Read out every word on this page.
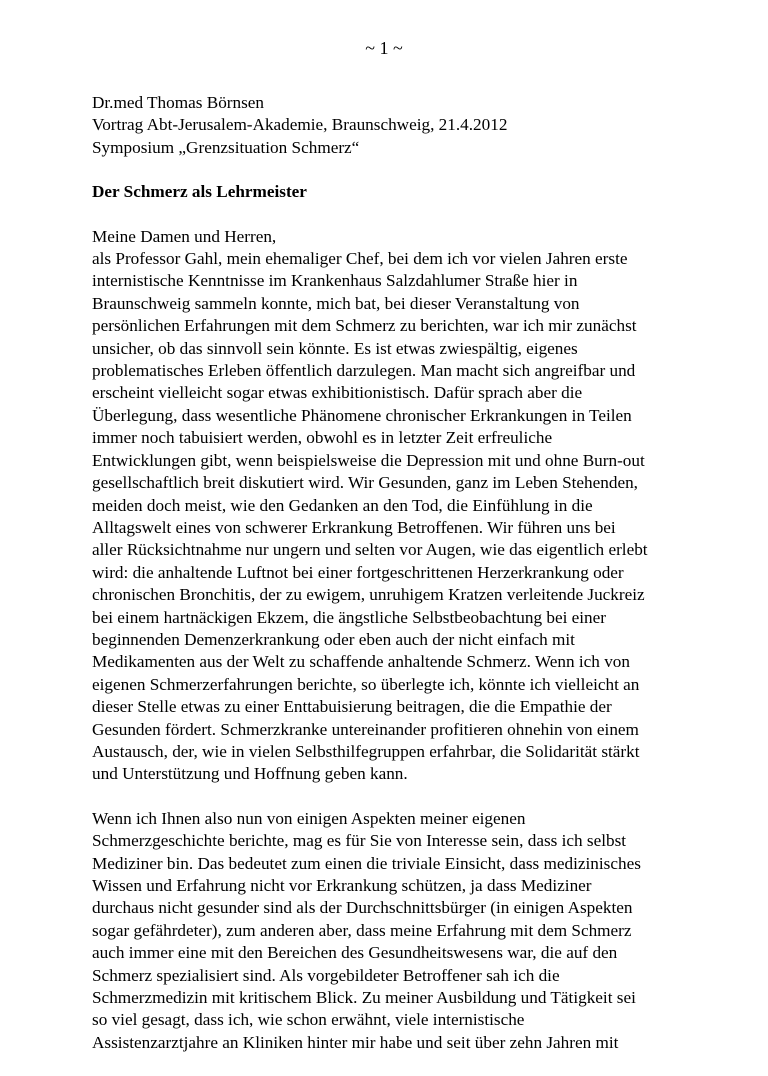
~ 1 ~
Dr.med Thomas Börnsen
Vortrag Abt-Jerusalem-Akademie, Braunschweig, 21.4.2012
Symposium „Grenzsituation Schmerz“
Der Schmerz als Lehrmeister
Meine Damen und Herren,
als Professor Gahl, mein ehemaliger Chef, bei dem ich vor vielen Jahren erste
internistische Kenntnisse im Krankenhaus Salzdahlumer Straße hier in
Braunschweig sammeln konnte, mich bat, bei dieser Veranstaltung von
persönlichen Erfahrungen mit dem Schmerz zu berichten, war ich mir zunächst
unsicher, ob das sinnvoll sein könnte. Es ist etwas zwiespältig, eigenes
problematisches Erleben öffentlich darzulegen. Man macht sich angreifbar und
erscheint vielleicht sogar etwas exhibitionistisch. Dafür sprach aber die
Überlegung, dass wesentliche Phänomene chronischer Erkrankungen in Teilen
immer noch tabuisiert werden, obwohl es in letzter Zeit erfreuliche
Entwicklungen gibt, wenn beispielsweise die Depression mit und ohne Burn-out
gesellschaftlich breit diskutiert wird. Wir Gesunden, ganz im Leben Stehenden,
meiden doch meist, wie den Gedanken an den Tod, die Einfühlung in die
Alltagswelt eines von schwerer Erkrankung Betroffenen. Wir führen uns bei
aller Rücksichtnahme nur ungern und selten vor Augen, wie das eigentlich erlebt
wird: die anhaltende Luftnot bei einer fortgeschrittenen Herzerkrankung oder
chronischen Bronchitis, der zu ewigem, unruhigem Kratzen verleitende Juckreiz
bei einem hartnäckigen Ekzem, die ängstliche Selbstbeobachtung bei einer
beginnenden Demenzerkrankung oder eben auch der nicht einfach mit
Medikamenten aus der Welt zu schaffende anhaltende Schmerz. Wenn ich von
eigenen Schmerzerfahrungen berichte, so überlegte ich, könnte ich vielleicht an
dieser Stelle etwas zu einer Enttabuisierung beitragen, die die Empathie der
Gesunden fördert. Schmerzkranke untereinander profitieren ohnehin von einem
Austausch, der, wie in vielen Selbsthilfegruppen erfahrbar, die Solidarität stärkt
und Unterstützung und Hoffnung geben kann.
Wenn ich Ihnen also nun von einigen Aspekten meiner eigenen
Schmerzgeschichte berichte, mag es für Sie von Interesse sein, dass ich selbst
Mediziner bin. Das bedeutet zum einen die triviale Einsicht, dass medizinisches
Wissen und Erfahrung nicht vor Erkrankung schützen, ja dass Mediziner
durchaus nicht gesunder sind als der Durchschnittsbürger (in einigen Aspekten
sogar gefährdeter), zum anderen aber, dass meine Erfahrung mit dem Schmerz
auch immer eine mit den Bereichen des Gesundheitswesens war, die auf den
Schmerz spezialisiert sind. Als vorgebildeter Betroffener sah ich die
Schmerzmedizin mit kritischem Blick. Zu meiner Ausbildung und Tätigkeit sei
so viel gesagt, dass ich, wie schon erwähnt, viele internistische
Assistenzarztjahre an Kliniken hinter mir habe und seit über zehn Jahren mit
